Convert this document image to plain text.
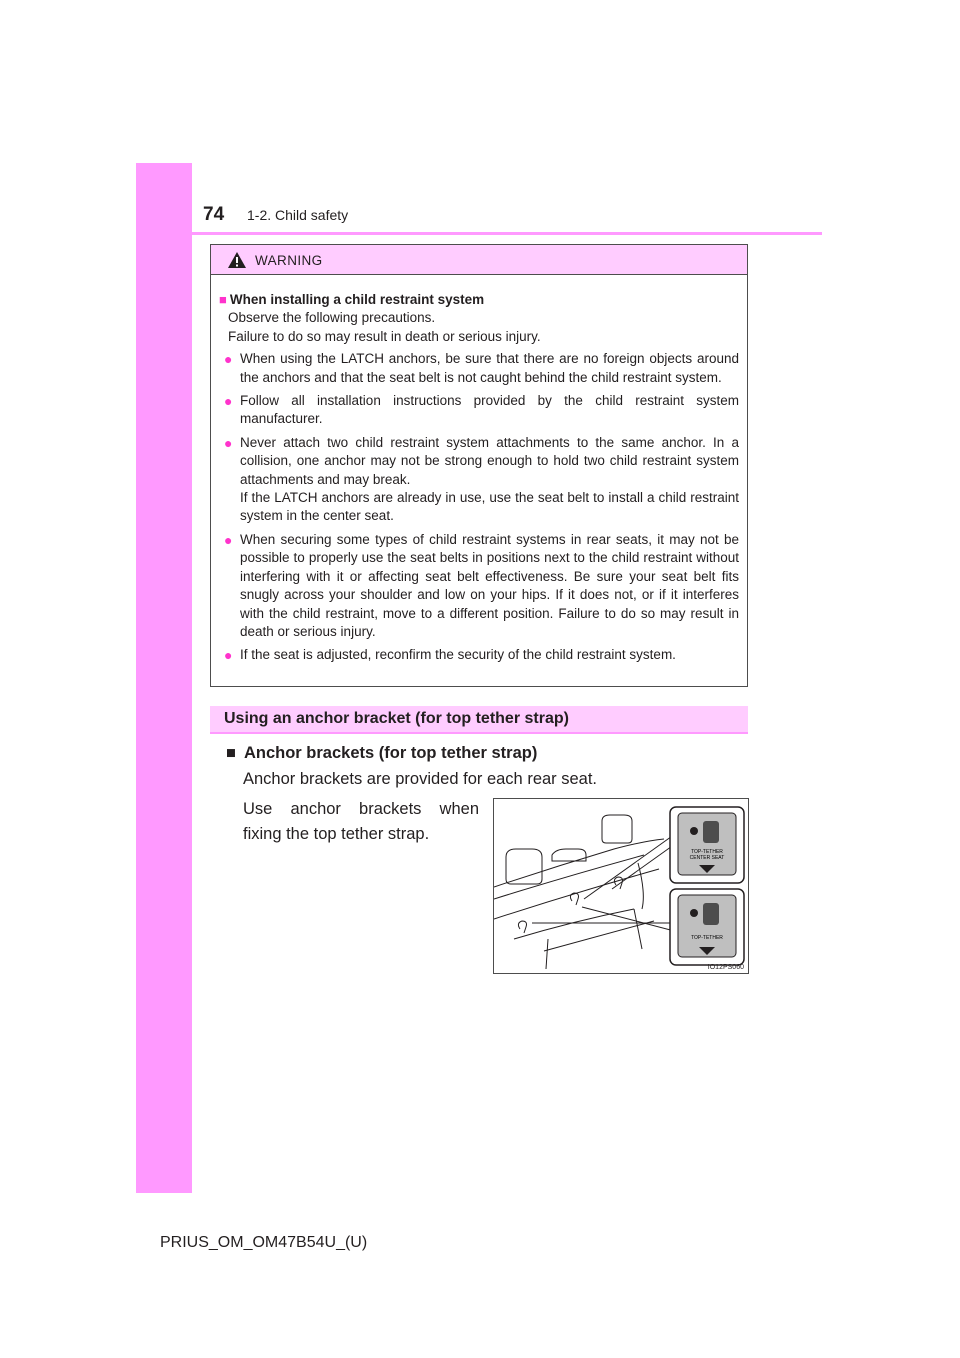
74 1-2. Child safety
WARNING
■ When installing a child restraint system
Observe the following precautions.
Failure to do so may result in death or serious injury.
● When using the LATCH anchors, be sure that there are no foreign objects around the anchors and that the seat belt is not caught behind the child restraint system.
● Follow all installation instructions provided by the child restraint system manufacturer.
● Never attach two child restraint system attachments to the same anchor. In a collision, one anchor may not be strong enough to hold two child restraint system attachments and may break.
If the LATCH anchors are already in use, use the seat belt to install a child restraint system in the center seat.
● When securing some types of child restraint systems in rear seats, it may not be possible to properly use the seat belts in positions next to the child restraint without interfering with it or affecting seat belt effectiveness. Be sure your seat belt fits snugly across your shoulder and low on your hips. If it does not, or if it interferes with the child restraint, move to a different position. Failure to do so may result in death or serious injury.
● If the seat is adjusted, reconfirm the security of the child restraint system.
Using an anchor bracket (for top tether strap)
■ Anchor brackets (for top tether strap)
Anchor brackets are provided for each rear seat.
Use anchor brackets when fixing the top tether strap.
TOP-TETHER
CENTER SEAT
TOP-TETHER
IO12PS060
PRIUS_OM_OM47B54U_(U)
